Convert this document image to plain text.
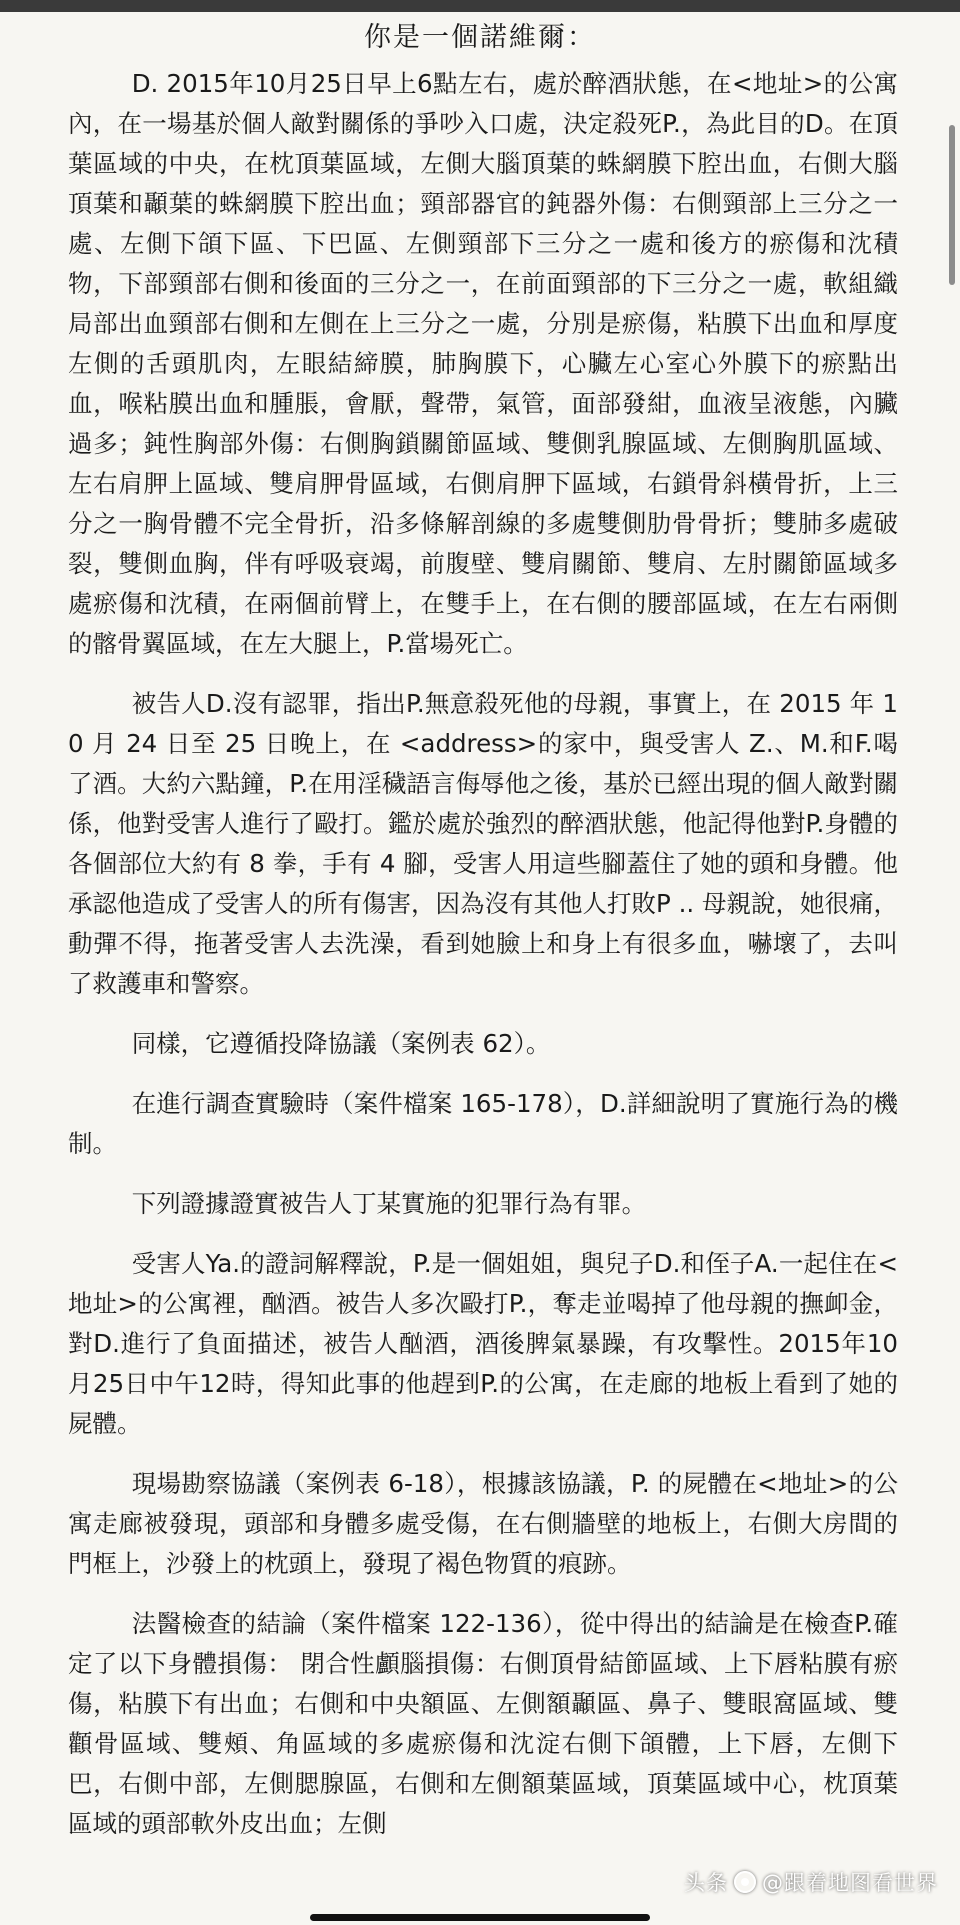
你是一個諾維爾：

D. 2015年10月25日早上6點左右，處於醉酒狀態，在<地址>的公寓內，在一場基於個人敵對關係的爭吵入口處，決定殺死P.，為此目的D。在頂葉區域的中央，在枕頂葉區域，左側大腦頂葉的蛛網膜下腔出血，右側大腦頂葉和顳葉的蛛網膜下腔出血；頸部器官的鈍器外傷：右側頸部上三分之一處、左側下頜下區、下巴區、左側頸部下三分之一處和後方的瘀傷和沈積物，下部頸部右側和後面的三分之一，在前面頸部的下三分之一處，軟組織局部出血頸部右側和左側在上三分之一處，分別是瘀傷，粘膜下出血和厚度左側的舌頭肌肉，左眼結締膜，肺胸膜下，心臟左心室心外膜下的瘀點出血，喉粘膜出血和腫脹，會厭，聲帶，氣管，面部發紺，血液呈液態，內臟過多；鈍性胸部外傷：右側胸鎖關節區域、雙側乳腺區域、左側胸肌區域、左右肩胛上區域、雙肩胛骨區域，右側肩胛下區域，右鎖骨斜橫骨折，上三分之一胸骨體不完全骨折，沿多條解剖線的多處雙側肋骨骨折；雙肺多處破裂，雙側血胸，伴有呼吸衰竭，前腹壁、雙肩關節、雙肩、左肘關節區域多處瘀傷和沈積，在兩個前臂上，在雙手上，在右側的腰部區域，在左右兩側的髂骨翼區域，在左大腿上，P.當場死亡。

被告人D.沒有認罪，指出P.無意殺死他的母親，事實上，在 2015 年 10 月 24 日至 25 日晚上，在 <address>的家中，與受害人 Z.、M.和F.喝了酒。大約六點鐘，P.在用淫穢語言侮辱他之後，基於已經出現的個人敵對關係，他對受害人進行了毆打。鑑於處於強烈的醉酒狀態，他記得他對P.身體的各個部位大約有 8 拳，手有 4 腳，受害人用這些腳蓋住了她的頭和身體。他承認他造成了受害人的所有傷害，因為沒有其他人打敗P .. 母親說，她很痛，動彈不得，拖著受害人去洗澡，看到她臉上和身上有很多血，嚇壞了，去叫了救護車和警察。

同樣，它遵循投降協議（案例表 62）。

在進行調查實驗時（案件檔案 165-178），D.詳細說明了實施行為的機制。

下列證據證實被告人丁某實施的犯罪行為有罪。

受害人Ya.的證詞解釋說，P.是一個姐姐，與兒子D.和侄子A.一起住在<地址>的公寓裡，酗酒。被告人多次毆打P.，奪走並喝掉了他母親的撫卹金，對D.進行了負面描述，被告人酗酒，酒後脾氣暴躁，有攻擊性。2015年10月25日中午12時，得知此事的他趕到P.的公寓，在走廊的地板上看到了她的屍體。

現場勘察協議（案例表 6-18），根據該協議，P. 的屍體在<地址>的公寓走廊被發現，頭部和身體多處受傷，在右側牆壁的地板上，右側大房間的門框上，沙發上的枕頭上，發現了褐色物質的痕跡。

法醫檢查的結論（案件檔案 122-136），從中得出的結論是在檢查P.確定了以下身體損傷： 閉合性顱腦損傷：右側頂骨結節區域、上下唇粘膜有瘀傷，粘膜下有出血；右側和中央額區、左側額顳區、鼻子、雙眼窩區域、雙顴骨區域、雙頰、角區域的多處瘀傷和沈淀右側下頜體，上下唇，左側下巴，右側中部，左側腮腺區，右側和左側額葉區域，頂葉區域中心，枕頂葉區域的頭部軟外皮出血；左側

头条 @跟着地图看世界
